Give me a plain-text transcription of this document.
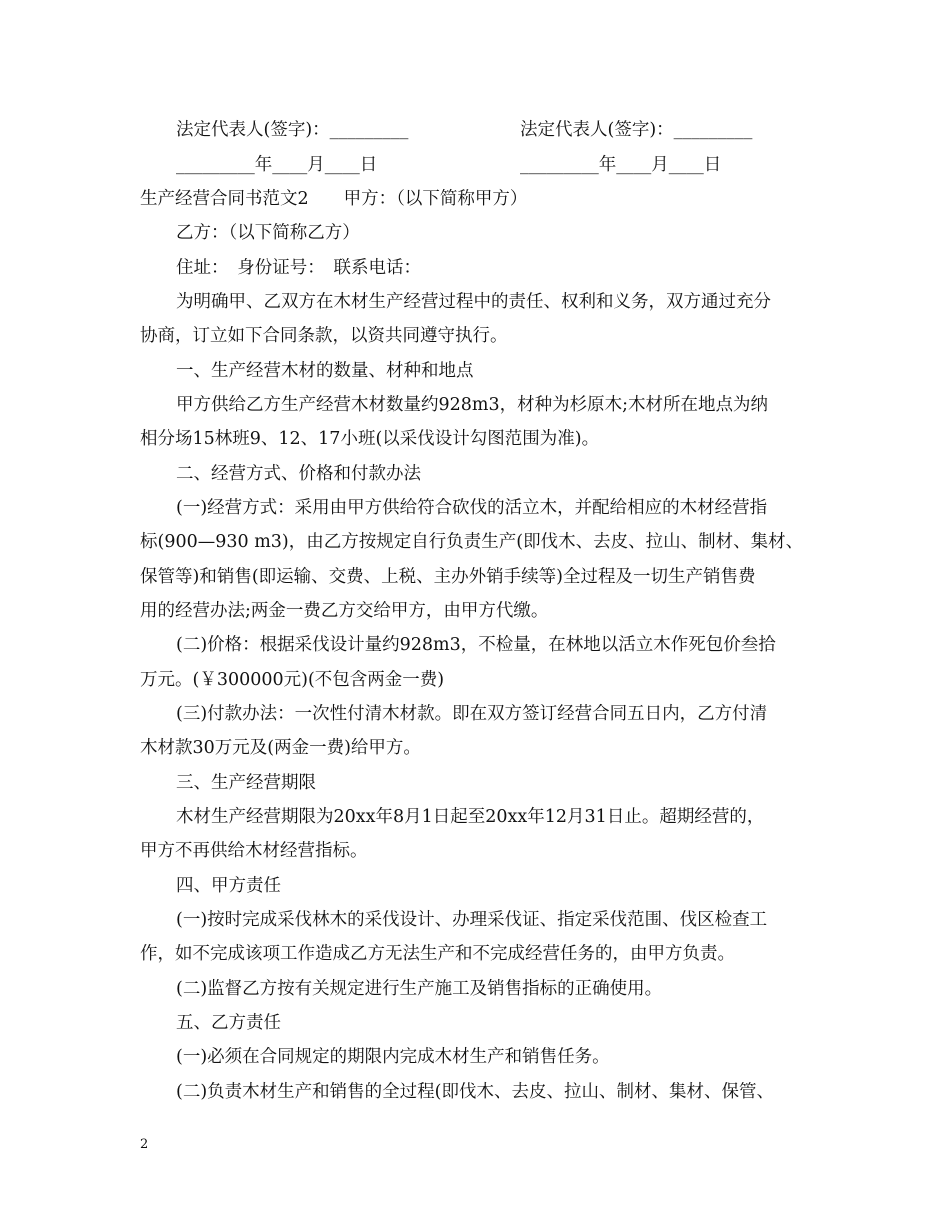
法定代表人(签字)：_________	法定代表人(签字)：_________
_________年____月____日	_________年____月____日
生产经营合同书范文2　　甲方：（以下简称甲方）
乙方：（以下简称乙方）
住址：　身份证号：　联系电话：
为明确甲、乙双方在木材生产经营过程中的责任、权利和义务，双方通过充分
协商，订立如下合同条款，以资共同遵守执行。
一、生产经营木材的数量、材种和地点
甲方供给乙方生产经营木材数量约928m3，材种为杉原木;木材所在地点为纳
相分场15林班9、12、17小班(以采伐设计勾图范围为准)。
二、经营方式、价格和付款办法
(一)经营方式：采用由甲方供给符合砍伐的活立木，并配给相应的木材经营指
标(900—930 m3)，由乙方按规定自行负责生产(即伐木、去皮、拉山、制材、集材、
保管等)和销售(即运输、交费、上税、主办外销手续等)全过程及一切生产销售费
用的经营办法;两金一费乙方交给甲方，由甲方代缴。
(二)价格：根据采伐设计量约928m3，不检量，在林地以活立木作死包价叁拾
万元。(￥300000元)(不包含两金一费)
(三)付款办法：一次性付清木材款。即在双方签订经营合同五日内，乙方付清
木材款30万元及(两金一费)给甲方。
三、生产经营期限
木材生产经营期限为20xx年8月1日起至20xx年12月31日止。超期经营的，
甲方不再供给木材经营指标。
四、甲方责任
(一)按时完成采伐林木的采伐设计、办理采伐证、指定采伐范围、伐区检查工
作，如不完成该项工作造成乙方无法生产和不完成经营任务的，由甲方负责。
(二)监督乙方按有关规定进行生产施工及销售指标的正确使用。
五、乙方责任
(一)必须在合同规定的期限内完成木材生产和销售任务。
(二)负责木材生产和销售的全过程(即伐木、去皮、拉山、制材、集材、保管、
2
